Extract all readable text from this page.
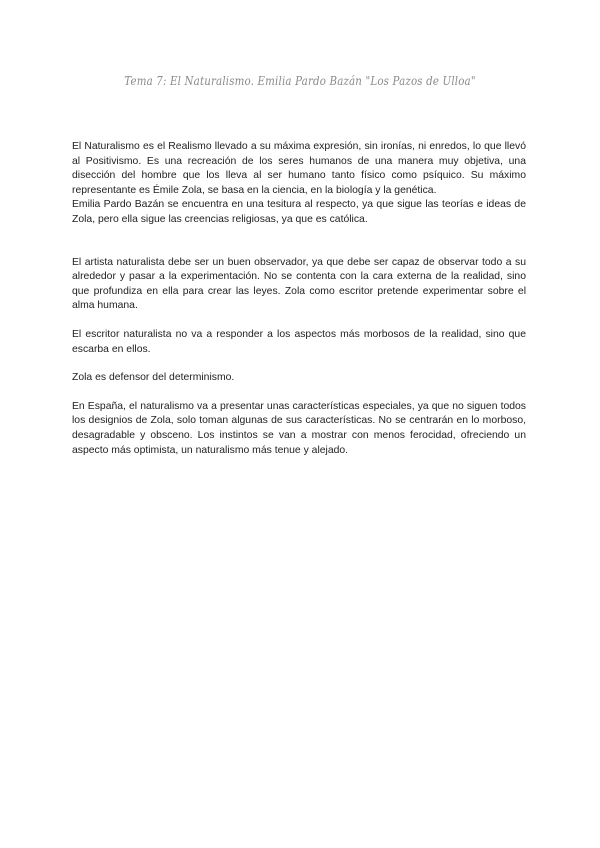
Tema 7: El Naturalismo. Emilia Pardo Bazán "Los Pazos de Ulloa"

El Naturalismo es el Realismo llevado a su máxima expresión, sin ironías, ni enredos, lo que llevó al Positivismo. Es una recreación de los seres humanos de una manera muy objetiva, una disección del hombre que los lleva al ser humano tanto físico como psíquico. Su máximo representante es Émile Zola, se basa en la ciencia, en la biología y la genética.

Emilia Pardo Bazán se encuentra en una tesitura al respecto, ya que sigue las teorías e ideas de Zola, pero ella sigue las creencias religiosas, ya que es católica.

El artista naturalista debe ser un buen observador, ya que debe ser capaz de observar todo a su alrededor y pasar a la experimentación. No se contenta con la cara externa de la realidad, sino que profundiza en ella para crear las leyes. Zola como escritor pretende experimentar sobre el alma humana.

El escritor naturalista no va a responder a los aspectos más morbosos de la realidad, sino que escarba en ellos.

Zola es defensor del determinismo.

En España, el naturalismo va a presentar unas características especiales, ya que no siguen todos los designios de Zola, solo toman algunas de sus características. No se centrarán en lo morboso, desagradable y obsceno. Los instintos se van a mostrar con menos ferocidad, ofreciendo un aspecto más optimista, un naturalismo más tenue y alejado.
